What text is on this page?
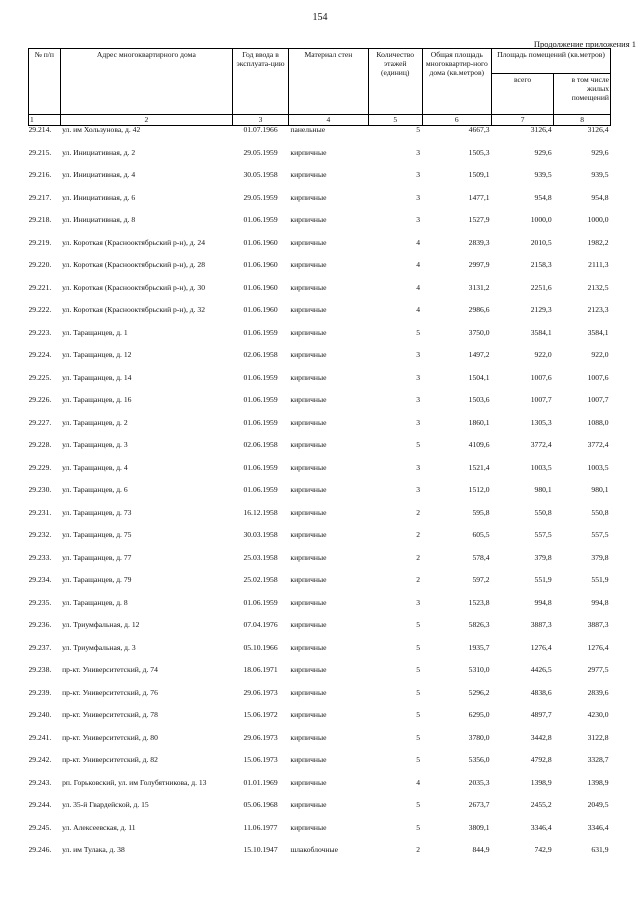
154
Продолжение приложения 1
№ п/п	Адрес многоквартирного дома	Год ввода в эксплуата-цию	Материал стен	Количество этажей (единиц)	Общая площадь многоквартир-ного дома (кв.метров)	Площадь помещений (кв.метров)	
						всего	в том числе жилых помещений
1	2	3	4	5	6	7	8
29.214.	ул. им Хользунова, д. 42	01.07.1966	панельные	5	4667,3	3126,4	3126,4
29.215.	ул. Инициативная, д. 2	29.05.1959	кирпичные	3	1505,3	929,6	929,6
29.216.	ул. Инициативная, д. 4	30.05.1958	кирпичные	3	1509,1	939,5	939,5
29.217.	ул. Инициативная, д. 6	29.05.1959	кирпичные	3	1477,1	954,8	954,8
29.218.	ул. Инициативная, д. 8	01.06.1959	кирпичные	3	1527,9	1000,0	1000,0
29.219.	ул. Короткая (Краснооктябрьский р-н), д. 24	01.06.1960	кирпичные	4	2839,3	2010,5	1982,2
29.220.	ул. Короткая (Краснооктябрьский р-н), д. 28	01.06.1960	кирпичные	4	2997,9	2158,3	2111,3
29.221.	ул. Короткая (Краснооктябрьский р-н), д. 30	01.06.1960	кирпичные	4	3131,2	2251,6	2132,5
29.222.	ул. Короткая (Краснооктябрьский р-н), д. 32	01.06.1960	кирпичные	4	2986,6	2129,3	2123,3
29.223.	ул. Таращанцев, д. 1	01.06.1959	кирпичные	5	3750,0	3584,1	3584,1
29.224.	ул. Таращанцев, д. 12	02.06.1958	кирпичные	3	1497,2	922,0	922,0
29.225.	ул. Таращанцев, д. 14	01.06.1959	кирпичные	3	1504,1	1007,6	1007,6
29.226.	ул. Таращанцев, д. 16	01.06.1959	кирпичные	3	1503,6	1007,7	1007,7
29.227.	ул. Таращанцев, д. 2	01.06.1959	кирпичные	3	1860,1	1305,3	1088,0
29.228.	ул. Таращанцев, д. 3	02.06.1958	кирпичные	5	4109,6	3772,4	3772,4
29.229.	ул. Таращанцев, д. 4	01.06.1959	кирпичные	3	1521,4	1003,5	1003,5
29.230.	ул. Таращанцев, д. 6	01.06.1959	кирпичные	3	1512,0	980,1	980,1
29.231.	ул. Таращанцев, д. 73	16.12.1958	кирпичные	2	595,8	550,8	550,8
29.232.	ул. Таращанцев, д. 75	30.03.1958	кирпичные	2	605,5	557,5	557,5
29.233.	ул. Таращанцев, д. 77	25.03.1958	кирпичные	2	578,4	379,8	379,8
29.234.	ул. Таращанцев, д. 79	25.02.1958	кирпичные	2	597,2	551,9	551,9
29.235.	ул. Таращанцев, д. 8	01.06.1959	кирпичные	3	1523,8	994,8	994,8
29.236.	ул. Триумфальная, д. 12	07.04.1976	кирпичные	5	5826,3	3887,3	3887,3
29.237.	ул. Триумфальная, д. 3	05.10.1966	кирпичные	5	1935,7	1276,4	1276,4
29.238.	пр-кт. Университетский, д. 74	18.06.1971	кирпичные	5	5310,0	4426,5	2977,5
29.239.	пр-кт. Университетский, д. 76	29.06.1973	кирпичные	5	5296,2	4838,6	2839,6
29.240.	пр-кт. Университетский, д. 78	15.06.1972	кирпичные	5	6295,0	4897,7	4230,0
29.241.	пр-кт. Университетский, д. 80	29.06.1973	кирпичные	5	3780,0	3442,8	3122,8
29.242.	пр-кт. Университетский, д. 82	15.06.1973	кирпичные	5	5356,0	4792,8	3328,7
29.243.	рп. Горьковский, ул. им Голубятникова, д. 13	01.01.1969	кирпичные	4	2035,3	1398,9	1398,9
29.244.	ул. 35-й Гвардейской, д. 15	05.06.1968	кирпичные	5	2673,7	2455,2	2049,5
29.245.	ул. Алексеевская, д. 11	11.06.1977	кирпичные	5	3809,1	3346,4	3346,4
29.246.	ул. им Тулака, д. 38	15.10.1947	шлакоблочные	2	844,9	742,9	631,9
